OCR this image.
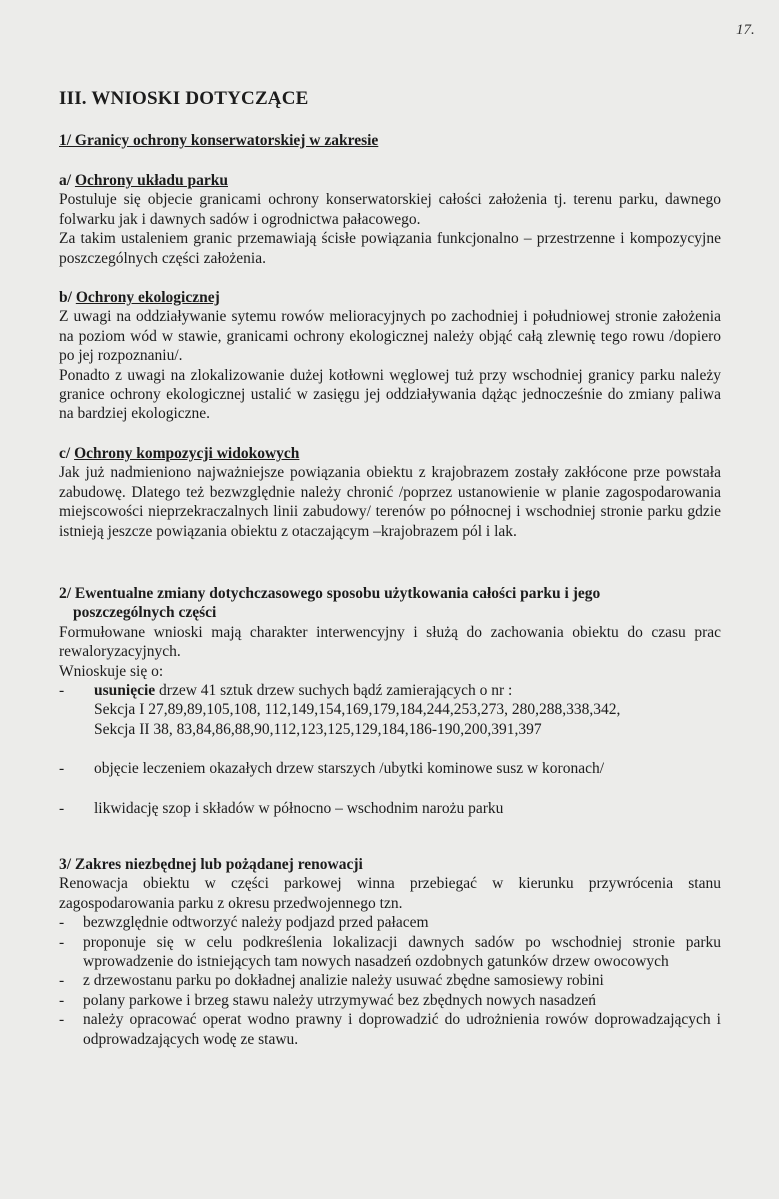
17.
III. WNIOSKI DOTYCZĄCE
1/ Granicy ochrony konserwatorskiej w zakresie

a/ Ochrony układu parku

Postuluje się objecie granicami ochrony konserwatorskiej całości założenia tj. terenu parku, dawnego folwarku jak i dawnych sadów i ogrodnictwa pałacowego.

Za takim ustaleniem granic przemawiają ścisłe powiązania funkcjonalno – przestrzenne i kompozycyjne poszczególnych części założenia.

b/ Ochrony ekologicznej

Z uwagi na oddziaływanie sytemu rowów melioracyjnych po zachodniej i południowej stronie założenia na poziom wód w stawie, granicami ochrony ekologicznej należy objąć całą zlewnię tego rowu /dopiero po jej rozpoznaniu/.

Ponadto z uwagi na zlokalizowanie dużej kotłowni węglowej tuż przy wschodniej granicy parku należy granice ochrony ekologicznej ustalić w zasięgu jej oddziaływania dążąc jednocześnie do zmiany paliwa na bardziej ekologiczne.

c/ Ochrony kompozycji widokowych

Jak już nadmieniono najważniejsze powiązania obiektu z krajobrazem zostały zakłócone prze powstała zabudowę. Dlatego też bezwzględnie należy chronić /poprzez ustanowienie w planie zagospodarowania miejscowości nieprzekraczalnych linii zabudowy/ terenów po północnej i wschodniej stronie parku gdzie istnieją jeszcze powiązania obiektu z otaczającym –krajobrazem pól i lak.

2/ Ewentualne zmiany dotychczasowego sposobu użytkowania całości parku i jego
poszczególnych części

Formułowane wnioski mają charakter interwencyjny i służą do zachowania obiektu do czasu prac rewaloryzacyjnych.

Wnioskuje się o:

-	usunięcie drzew 41 sztuk drzew suchych bądź zamierających o nr :

Sekcja I 27,89,89,105,108, 112,149,154,169,179,184,244,253,273, 280,288,338,342,

Sekcja II 38, 83,84,86,88,90,112,123,125,129,184,186-190,200,391,397

-	objęcie leczeniem okazałych drzew starszych /ubytki kominowe susz w koronach/
-	likwidację szop i składów w północno – wschodnim narożu parku

3/ Zakres niezbędnej lub pożądanej renowacji

Renowacja obiektu w części parkowej winna przebiegać w kierunku przywrócenia stanu zagospodarowania parku z okresu przedwojennego tzn.

-	bezwzględnie odtworzyć należy podjazd przed pałacem
-	proponuje się w celu podkreślenia lokalizacji dawnych sadów po wschodniej stronie parku wprowadzenie do istniejących tam nowych nasadzeń ozdobnych gatunków drzew owocowych
-	z drzewostanu parku po dokładnej analizie należy usuwać zbędne samosiewy robini
-	polany parkowe i brzeg stawu należy utrzymywać bez zbędnych nowych nasadzeń
-	należy opracować operat wodno prawny i doprowadzić do udrożnienia rowów doprowadzających i odprowadzających wodę ze stawu.
